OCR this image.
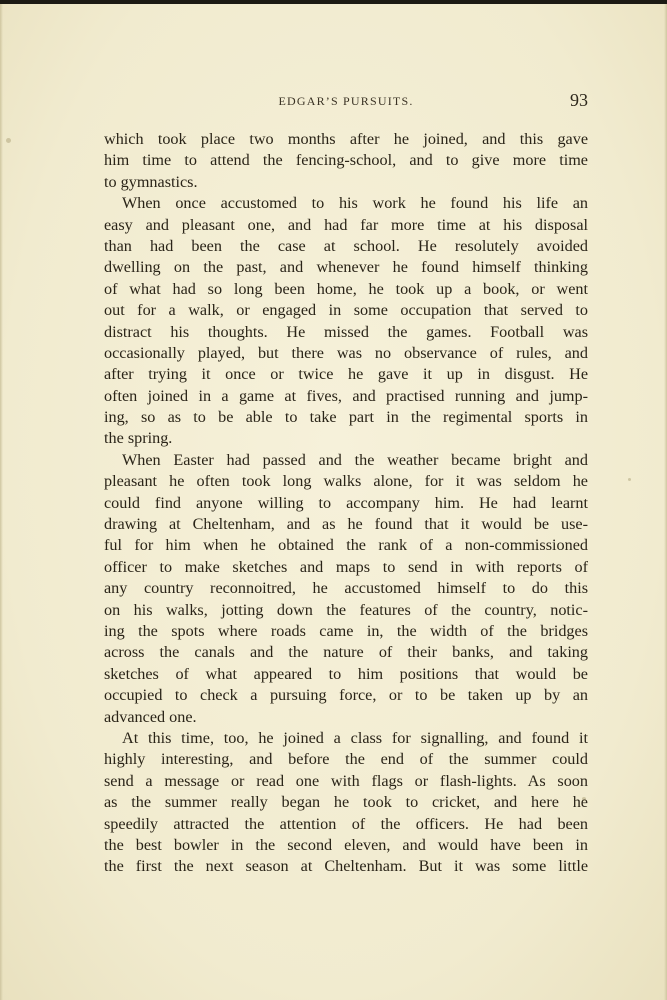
EDGAR’S PURSUITS.	93
which took place two months after he joined, and this gave
him time to attend the fencing-school, and to give more time
to gymnastics.
When once accustomed to his work he found his life an
easy and pleasant one, and had far more time at his disposal
than had been the case at school. He resolutely avoided
dwelling on the past, and whenever he found himself thinking
of what had so long been home, he took up a book, or went
out for a walk, or engaged in some occupation that served to
distract his thoughts. He missed the games. Football was
occasionally played, but there was no observance of rules, and
after trying it once or twice he gave it up in disgust. He
often joined in a game at fives, and practised running and jump-
ing, so as to be able to take part in the regimental sports in
the spring.
When Easter had passed and the weather became bright and
pleasant he often took long walks alone, for it was seldom he
could find anyone willing to accompany him. He had learnt
drawing at Cheltenham, and as he found that it would be use-
ful for him when he obtained the rank of a non-commissioned
officer to make sketches and maps to send in with reports of
any country reconnoitred, he accustomed himself to do this
on his walks, jotting down the features of the country, notic-
ing the spots where roads came in, the width of the bridges
across the canals and the nature of their banks, and taking
sketches of what appeared to him positions that would be
occupied to check a pursuing force, or to be taken up by an
advanced one.
At this time, too, he joined a class for signalling, and found it
highly interesting, and before the end of the summer could
send a message or read one with flags or flash-lights. As soon
as the summer really began he took to cricket, and here he
speedily attracted the attention of the officers. He had been
the best bowler in the second eleven, and would have been in
the first the next season at Cheltenham. But it was some little
